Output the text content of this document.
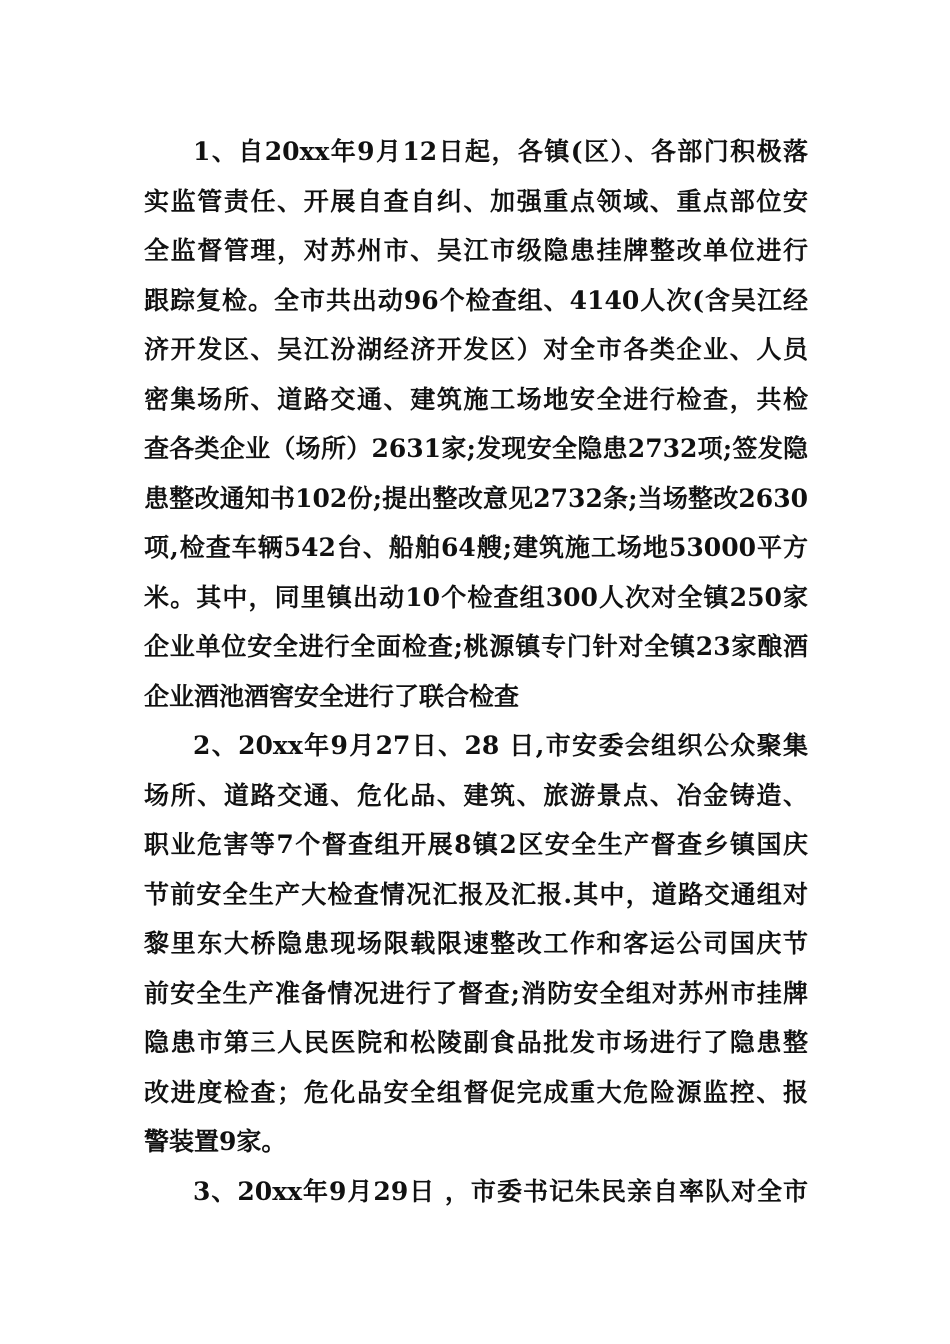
1、自20xx年9月12日起，各镇(区）、各部门积极落
实监管责任、开展自查自纠、加强重点领域、重点部位安
全监督管理，对苏州市、吴江市级隐患挂牌整改单位进行
跟踪复检。全市共出动96个检查组、4140人次(含吴江经
济开发区、吴江汾湖经济开发区）对全市各类企业、人员
密集场所、道路交通、建筑施工场地安全进行检查，共检
查各类企业（场所）2631家;发现安全隐患2732项;签发隐
患整改通知书102份;提出整改意见2732条;当场整改2630
项,检查车辆542台、船舶64艘;建筑施工场地53000平方
米。其中，同里镇出动10个检查组300人次对全镇250家
企业单位安全进行全面检查;桃源镇专门针对全镇23家酿酒
企业酒池酒窖安全进行了联合检查
2、20xx年9月27日、28 日,市安委会组织公众聚集
场所、道路交通、危化品、建筑、旅游景点、冶金铸造、
职业危害等7个督查组开展8镇2区安全生产督查乡镇国庆
节前安全生产大检查情况汇报及汇报.其中，道路交通组对
黎里东大桥隐患现场限载限速整改工作和客运公司国庆节
前安全生产准备情况进行了督查;消防安全组对苏州市挂牌
隐患市第三人民医院和松陵副食品批发市场进行了隐患整
改进度检查；危化品安全组督促完成重大危险源监控、报
警装置9家。
3、20xx年9月29日 ，市委书记朱民亲自率队对全市
